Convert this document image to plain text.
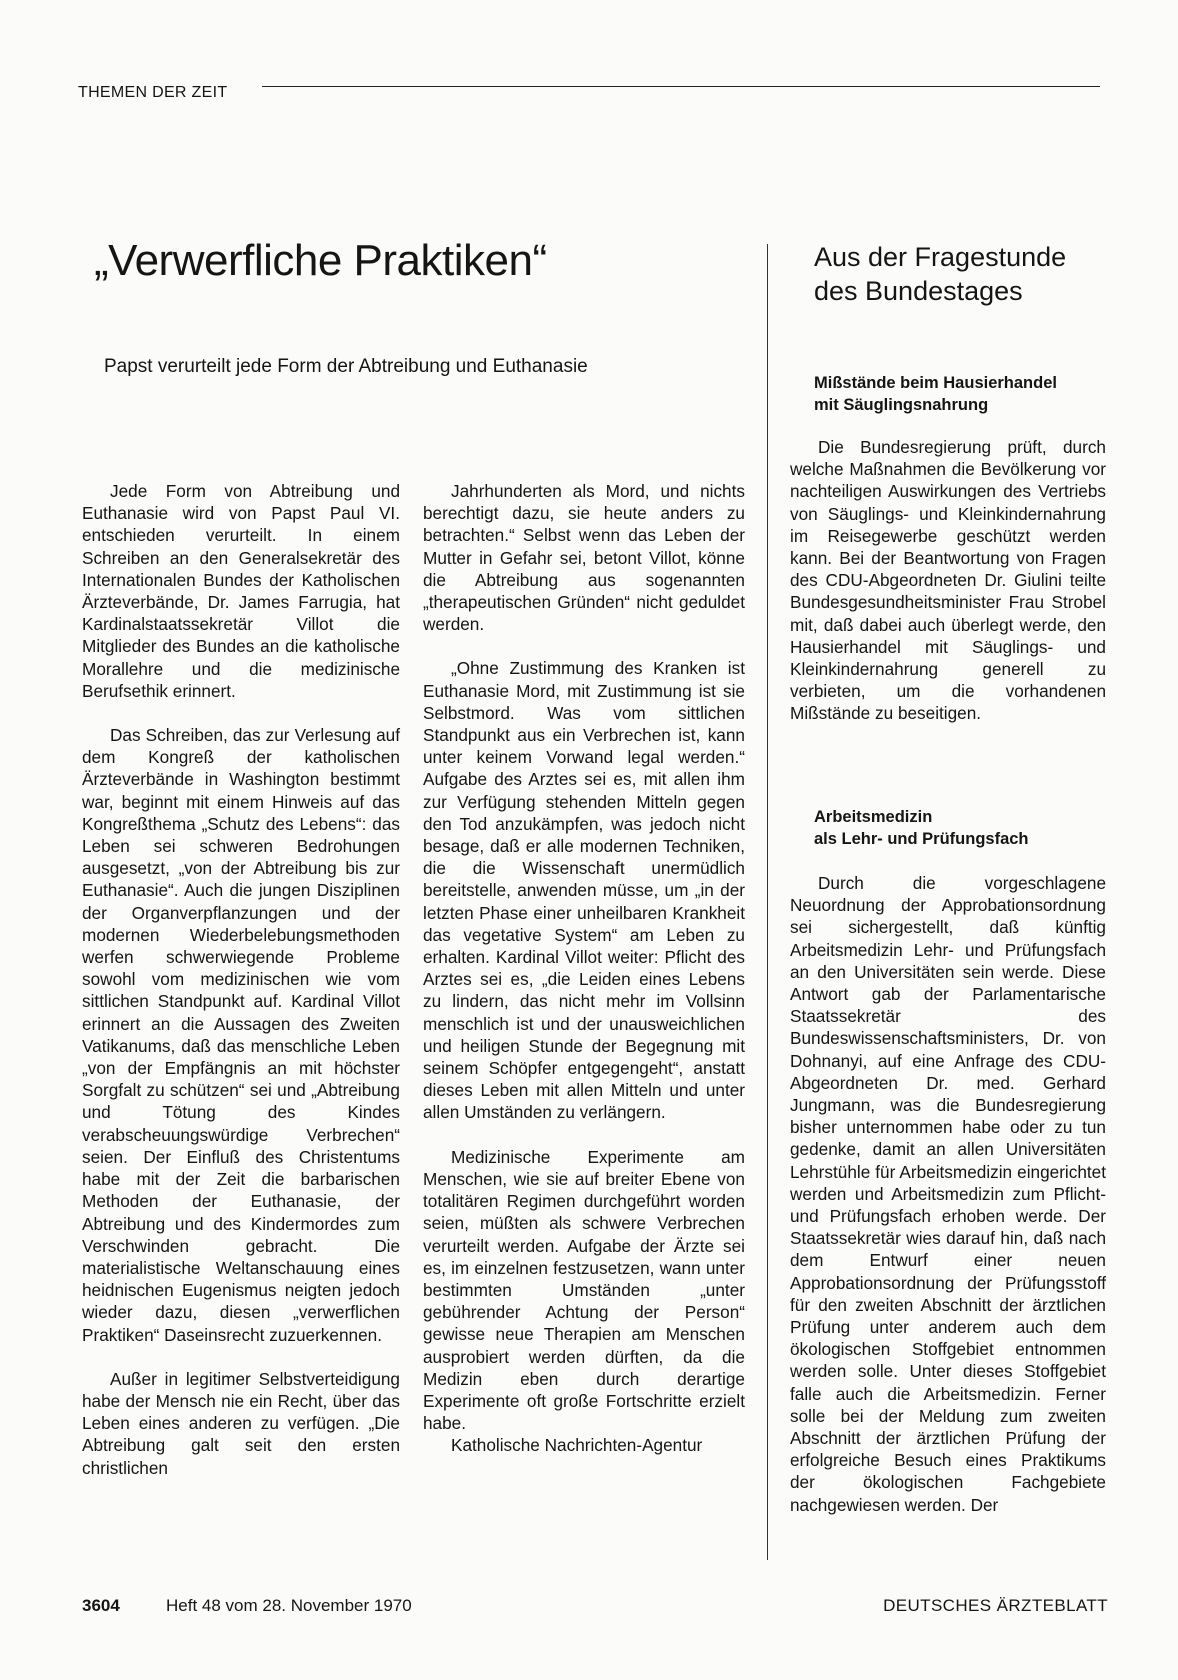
THEMEN DER ZEIT
„Verwerfliche Praktiken“
Papst verurteilt jede Form der Abtreibung und Euthanasie

Jede Form von Abtreibung und Euthanasie wird von Papst Paul VI. entschieden verurteilt. In einem Schreiben an den Generalsekretär des Internationalen Bundes der Katholischen Ärzteverbände, Dr. James Farrugia, hat Kardinalstaatssekretär Villot die Mitglieder des Bundes an die katholische Morallehre und die medizinische Berufsethik erinnert.

Das Schreiben, das zur Verlesung auf dem Kongreß der katholischen Ärzteverbände in Washington bestimmt war, beginnt mit einem Hinweis auf das Kongreßthema „Schutz des Lebens“: das Leben sei schweren Bedrohungen ausgesetzt, „von der Abtreibung bis zur Euthanasie“. Auch die jungen Disziplinen der Organverpflanzungen und der modernen Wiederbelebungsmethoden werfen schwerwiegende Probleme sowohl vom medizinischen wie vom sittlichen Standpunkt auf. Kardinal Villot erinnert an die Aussagen des Zweiten Vatikanums, daß das menschliche Leben „von der Empfängnis an mit höchster Sorgfalt zu schützen“ sei und „Abtreibung und Tötung des Kindes verabscheuungswürdige Verbrechen“ seien. Der Einfluß des Christentums habe mit der Zeit die barbarischen Methoden der Euthanasie, der Abtreibung und des Kindermordes zum Verschwinden gebracht. Die materialistische Weltanschauung eines heidnischen Eugenismus neigten jedoch wieder dazu, diesen „verwerflichen Praktiken“ Daseinsrecht zuzuerkennen.

Außer in legitimer Selbstverteidigung habe der Mensch nie ein Recht, über das Leben eines anderen zu verfügen. „Die Abtreibung galt seit den ersten christlichen

Jahrhunderten als Mord, und nichts berechtigt dazu, sie heute anders zu betrachten.“ Selbst wenn das Leben der Mutter in Gefahr sei, betont Villot, könne die Abtreibung aus sogenannten „therapeutischen Gründen“ nicht geduldet werden.

„Ohne Zustimmung des Kranken ist Euthanasie Mord, mit Zustimmung ist sie Selbstmord. Was vom sittlichen Standpunkt aus ein Verbrechen ist, kann unter keinem Vorwand legal werden.“ Aufgabe des Arztes sei es, mit allen ihm zur Verfügung stehenden Mitteln gegen den Tod anzukämpfen, was jedoch nicht besage, daß er alle modernen Techniken, die die Wissenschaft unermüdlich bereitstelle, anwenden müsse, um „in der letzten Phase einer unheilbaren Krankheit das vegetative System“ am Leben zu erhalten. Kardinal Villot weiter: Pflicht des Arztes sei es, „die Leiden eines Lebens zu lindern, das nicht mehr im Vollsinn menschlich ist und der unausweichlichen und heiligen Stunde der Begegnung mit seinem Schöpfer entgegengeht“, anstatt dieses Leben mit allen Mitteln und unter allen Umständen zu verlängern.

Medizinische Experimente am Menschen, wie sie auf breiter Ebene von totalitären Regimen durchgeführt worden seien, müßten als schwere Verbrechen verurteilt werden. Aufgabe der Ärzte sei es, im einzelnen festzusetzen, wann unter bestimmten Umständen „unter gebührender Achtung der Person“ gewisse neue Therapien am Menschen ausprobiert werden dürften, da die Medizin eben durch derartige Experimente oft große Fortschritte erzielt habe.

Katholische Nachrichten-Agentur

Aus der Fragestunde
des Bundestages
Mißstände beim Hausierhandel
mit Säuglingsnahrung

Die Bundesregierung prüft, durch welche Maßnahmen die Bevölkerung vor nachteiligen Auswirkungen des Vertriebs von Säuglings- und Kleinkindernahrung im Reisegewerbe geschützt werden kann. Bei der Beantwortung von Fragen des CDU-Abgeordneten Dr. Giulini teilte Bundesgesundheitsminister Frau Strobel mit, daß dabei auch überlegt werde, den Hausierhandel mit Säuglings- und Kleinkindernahrung generell zu verbieten, um die vorhandenen Mißstände zu beseitigen.

Arbeitsmedizin
als Lehr- und Prüfungsfach

Durch die vorgeschlagene Neuordnung der Approbationsordnung sei sichergestellt, daß künftig Arbeitsmedizin Lehr- und Prüfungsfach an den Universitäten sein werde. Diese Antwort gab der Parlamentarische Staatssekretär des Bundeswissenschaftsministers, Dr. von Dohnanyi, auf eine Anfrage des CDU-Abgeordneten Dr. med. Gerhard Jungmann, was die Bundesregierung bisher unternommen habe oder zu tun gedenke, damit an allen Universitäten Lehrstühle für Arbeitsmedizin eingerichtet werden und Arbeitsmedizin zum Pflicht- und Prüfungsfach erhoben werde. Der Staatssekretär wies darauf hin, daß nach dem Entwurf einer neuen Approbationsordnung der Prüfungsstoff für den zweiten Abschnitt der ärztlichen Prüfung unter anderem auch dem ökologischen Stoffgebiet entnommen werden solle. Unter dieses Stoffgebiet falle auch die Arbeitsmedizin. Ferner solle bei der Meldung zum zweiten Abschnitt der ärztlichen Prüfung der erfolgreiche Besuch eines Praktikums der ökologischen Fachgebiete nachgewiesen werden. Der

3604	Heft 48 vom 28. November 1970	DEUTSCHES ÄRZTEBLATT
